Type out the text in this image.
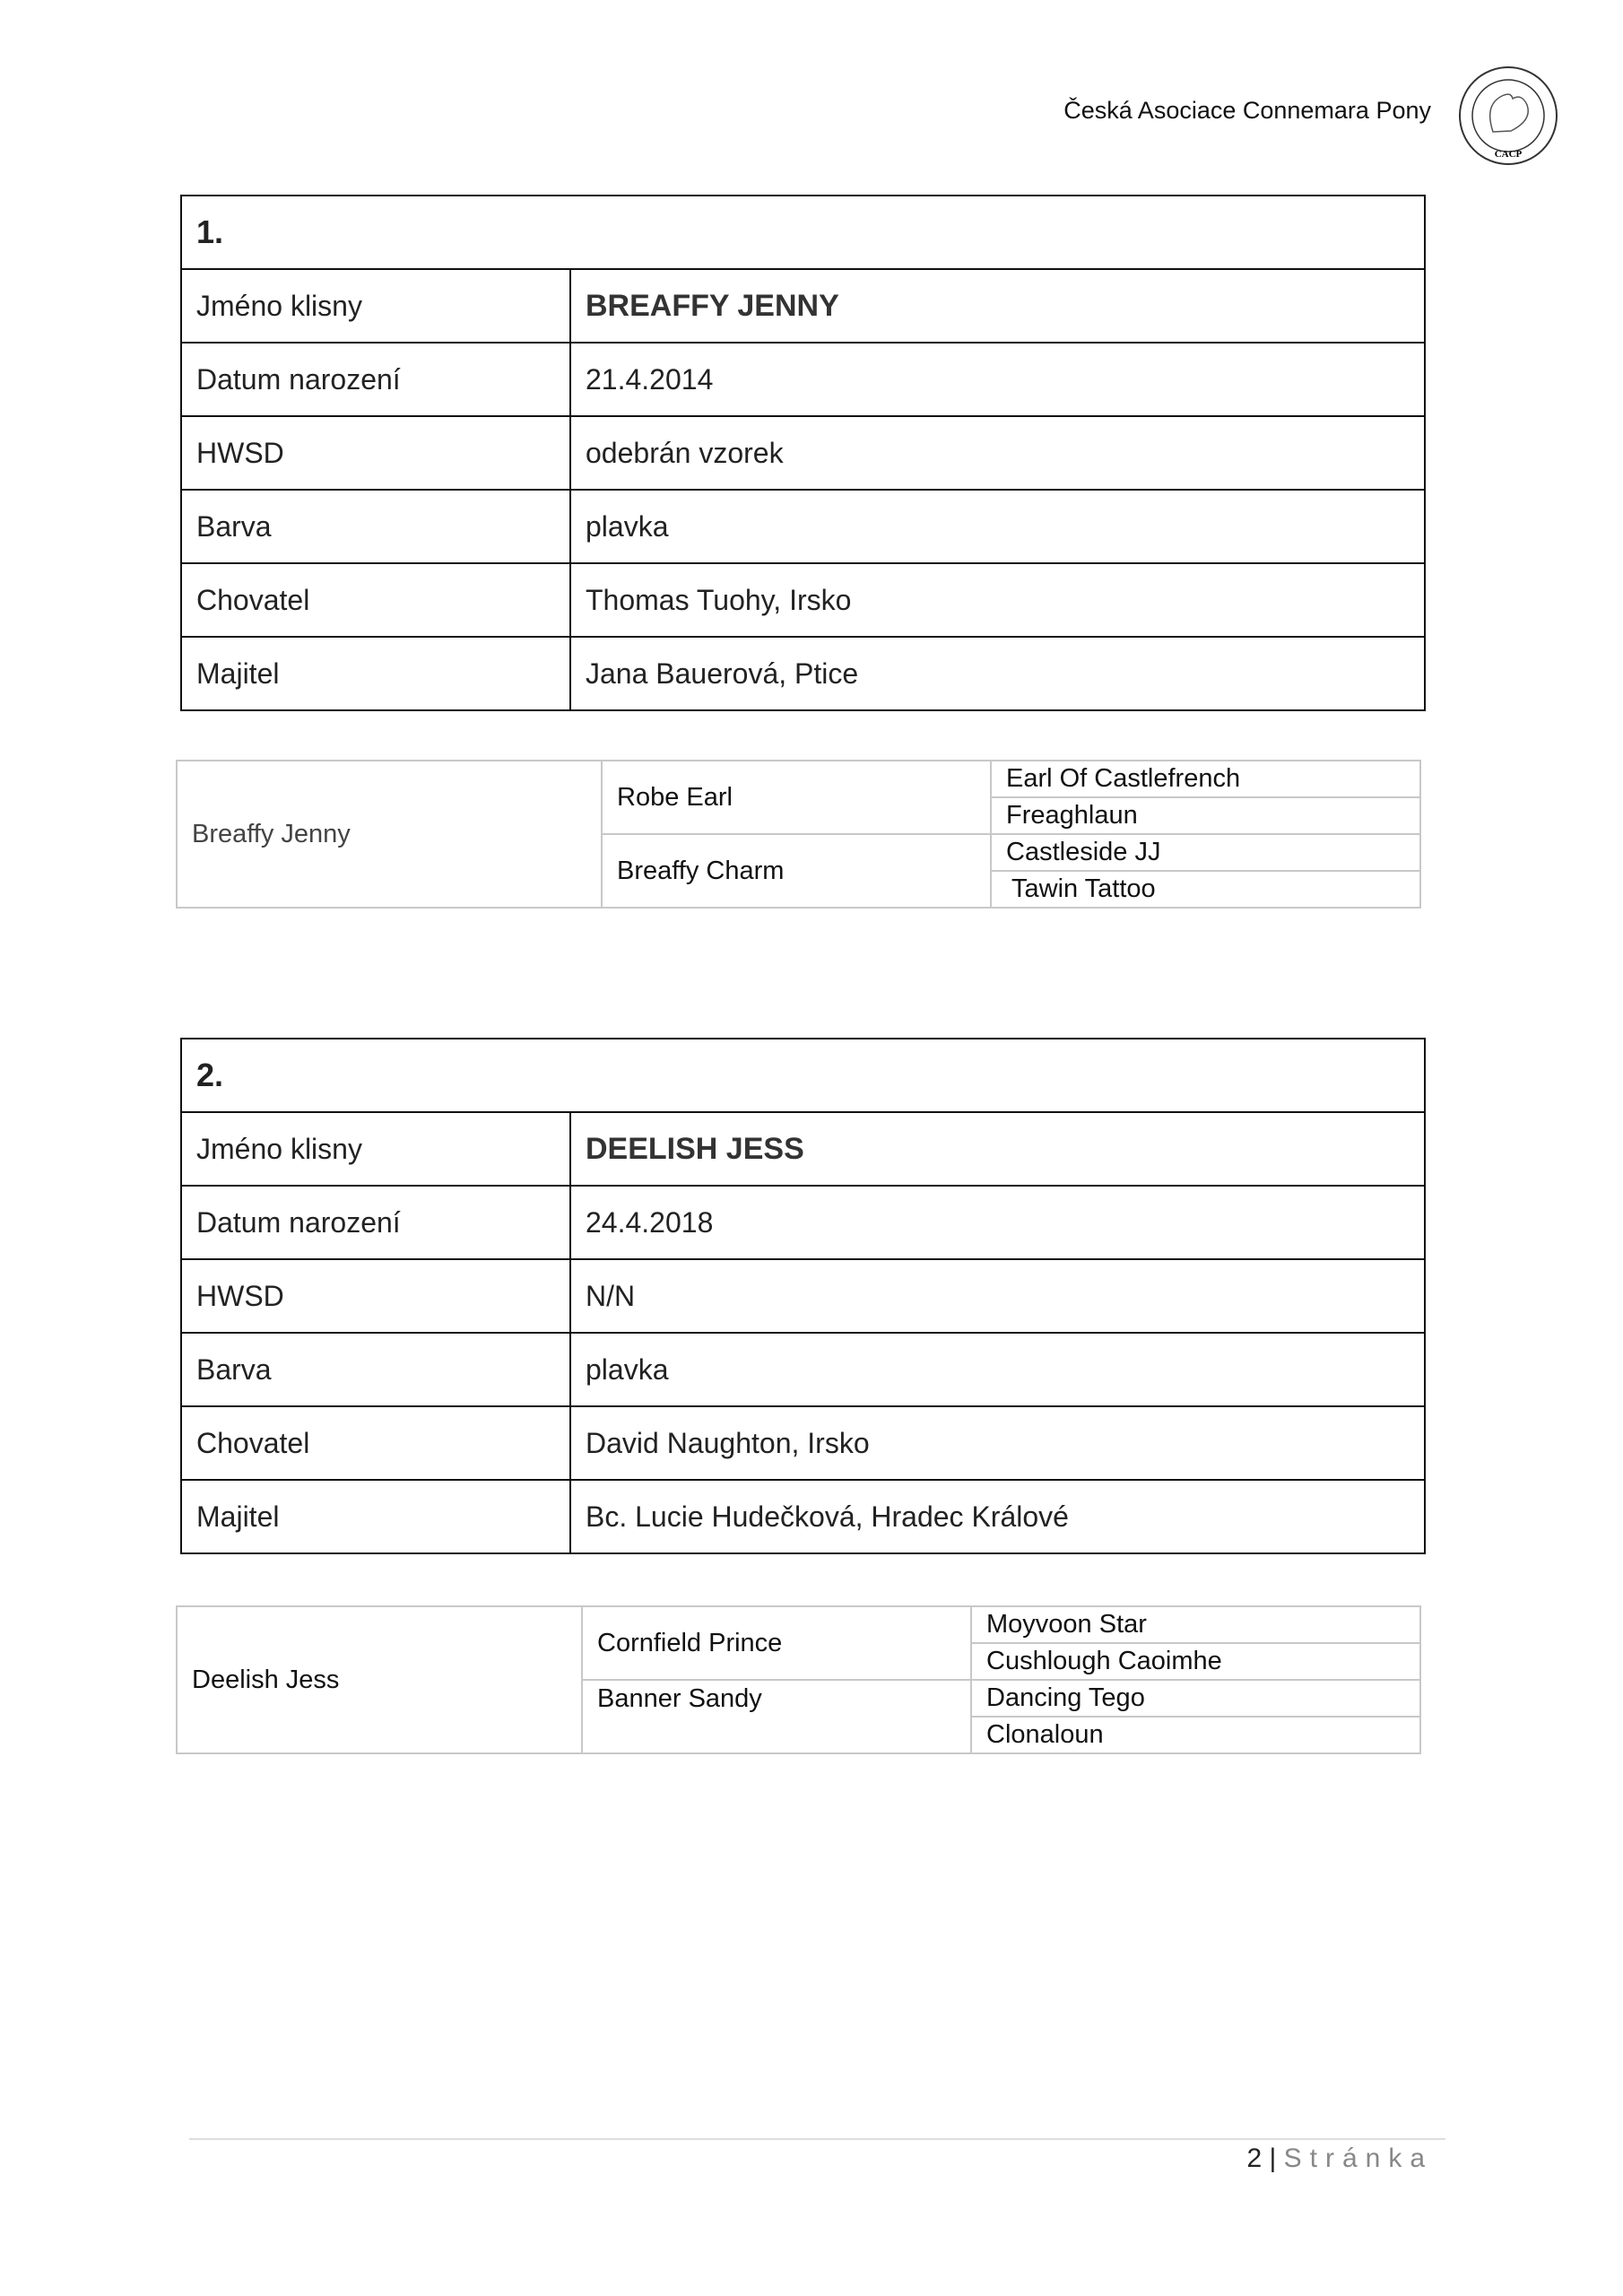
Česká Asociace Connemara Pony
CACP
1.	
Jméno klisny	BREAFFY JENNY
Datum narození	21.4.2014
HWSD	odebrán vzorek
Barva	plavka
Chovatel	Thomas Tuohy, Irsko
Majitel	Jana Bauerová, Ptice
Breaffy Jenny	Robe Earl	Earl Of Castlefrench
		Freaghlaun
	Breaffy Charm	Castleside JJ
		Tawin Tattoo
2.	
Jméno klisny	DEELISH JESS
Datum narození	24.4.2018
HWSD	N/N
Barva	plavka
Chovatel	David Naughton, Irsko
Majitel	Bc. Lucie Hudečková, Hradec Králové
Deelish Jess	Cornfield Prince	Moyvoon Star
		Cushlough Caoimhe
	Banner Sandy	Dancing Tego
		Clonaloun
2 | Stránka
